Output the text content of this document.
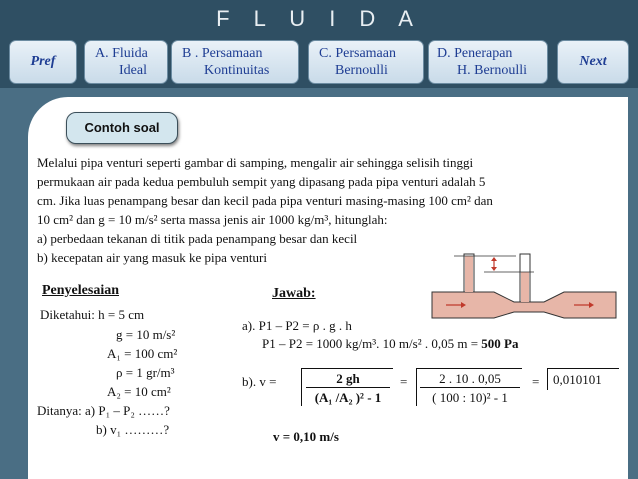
F L U I D A
Pref
A. Fluida
Ideal
B . Persamaan
Kontinuitas
C. Persamaan
Bernoulli
D. Penerapan
H. Bernoulli
Next
Contoh soal
Melalui pipa venturi seperti gambar di samping, mengalir air sehingga selisih tinggi
permukaan air pada kedua pembuluh sempit yang dipasang pada pipa venturi adalah 5
cm. Jika luas penampang besar dan kecil pada pipa venturi masing-masing 100 cm² dan
10 cm² dan g = 10 m/s² serta massa jenis air 1000 kg/m³, hitunglah:
a) perbedaan tekanan di titik pada penampang besar dan kecil
b) kecepatan air yang masuk ke pipa venturi
Penyelesaian	Jawab:
Diketahui: h = 5 cm
g = 10 m/s²
A₁ = 100 cm²
ρ = 1 gr/m³
A₂ = 10 cm²
Ditanya: a) P₁ – P₂ ……?
b) v₁ ………?
a). P1 – P2 = ρ . g . h
P1 – P2 = 1000 kg/m³. 10 m/s² . 0,05 m = 500 Pa
b). v =	2 gh
(A₁ /A₂ )² - 1
=	2 . 10 . 0,05
( 100 : 10)² - 1
= 0,010101
v = 0,10 m/s
